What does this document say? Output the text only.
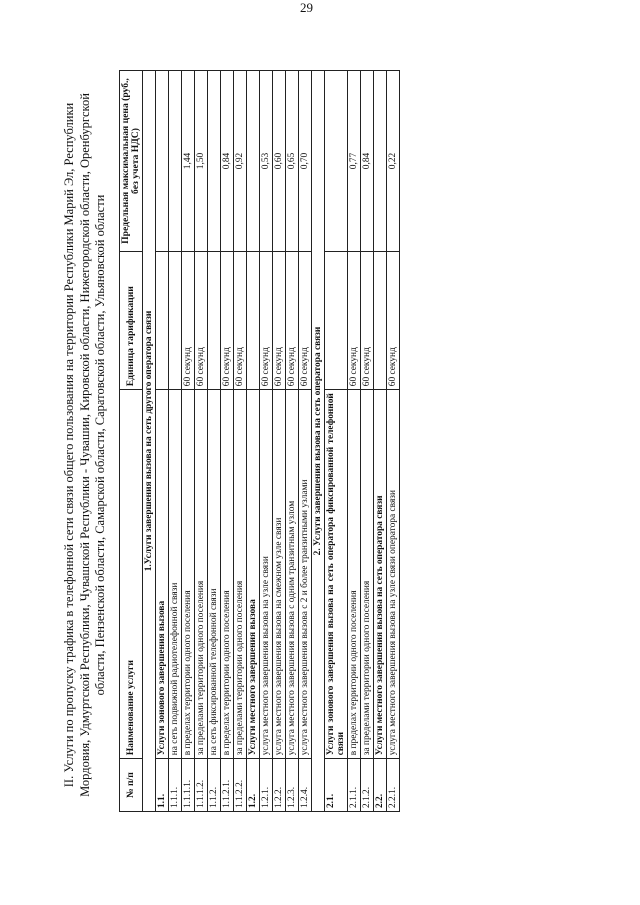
29
II. Услуги по пропуску трафика в телефонной сети связи общего пользования на территории Республики Марий Эл, Республики Мордовия, Удмуртской Республики, Чувашской Республики - Чувашии, Кировской области, Нижегородской области, Оренбургской области, Пензенской области, Самарской области, Саратовской области, Ульяновской области
№ п/п	Наименование услуги	Единица тарификации	Предельная максимальная цена (руб., без учета НДС)
1.Услуги завершения вызова на сеть другого оператора связи			
1.1.	Услуги зонового завершения вызова		
1.1.1.	на сеть подвижной радиотелефонной связи		
1.1.1.1.	в пределах территории одного поселения	60 секунд	1,44
1.1.1.2.	за пределами территории одного поселения	60 секунд	1,50
1.1.2.	на сеть фиксированной телефонной связи		
1.1.2.1.	в пределах территории одного поселения	60 секунд	0,84
1.1.2.2.	за пределами территории одного поселения	60 секунд	0,92
1.2.	Услуги местного завершения вызова		
1.2.1.	услуга местного завершения вызова на узле связи	60 секунд	0,53
1.2.2.	услуга местного завершения вызова на смежном узле связи	60 секунд	0,60
1.2.3.	услуга местного завершения вызова с одним транзитным узлом	60 секунд	0,65
1.2.4.	услуга местного завершения вызова с 2 и более транзитными узлами	60 секунд	0,70
2. Услуги завершения вызова на сеть оператора связи			
2.1.	Услуги зонового завершения вызова на сеть оператора фиксированной телефонной связи		
2.1.1.	в пределах территории одного поселения	60 секунд	0,77
2.1.2.	за пределами территории одного поселения	60 секунд	0,84
2.2.	Услуги местного завершения вызова на сеть оператора связи		
2.2.1.	услуга местного завершения вызова на узле связи оператора связи	60 секунд	0,22
